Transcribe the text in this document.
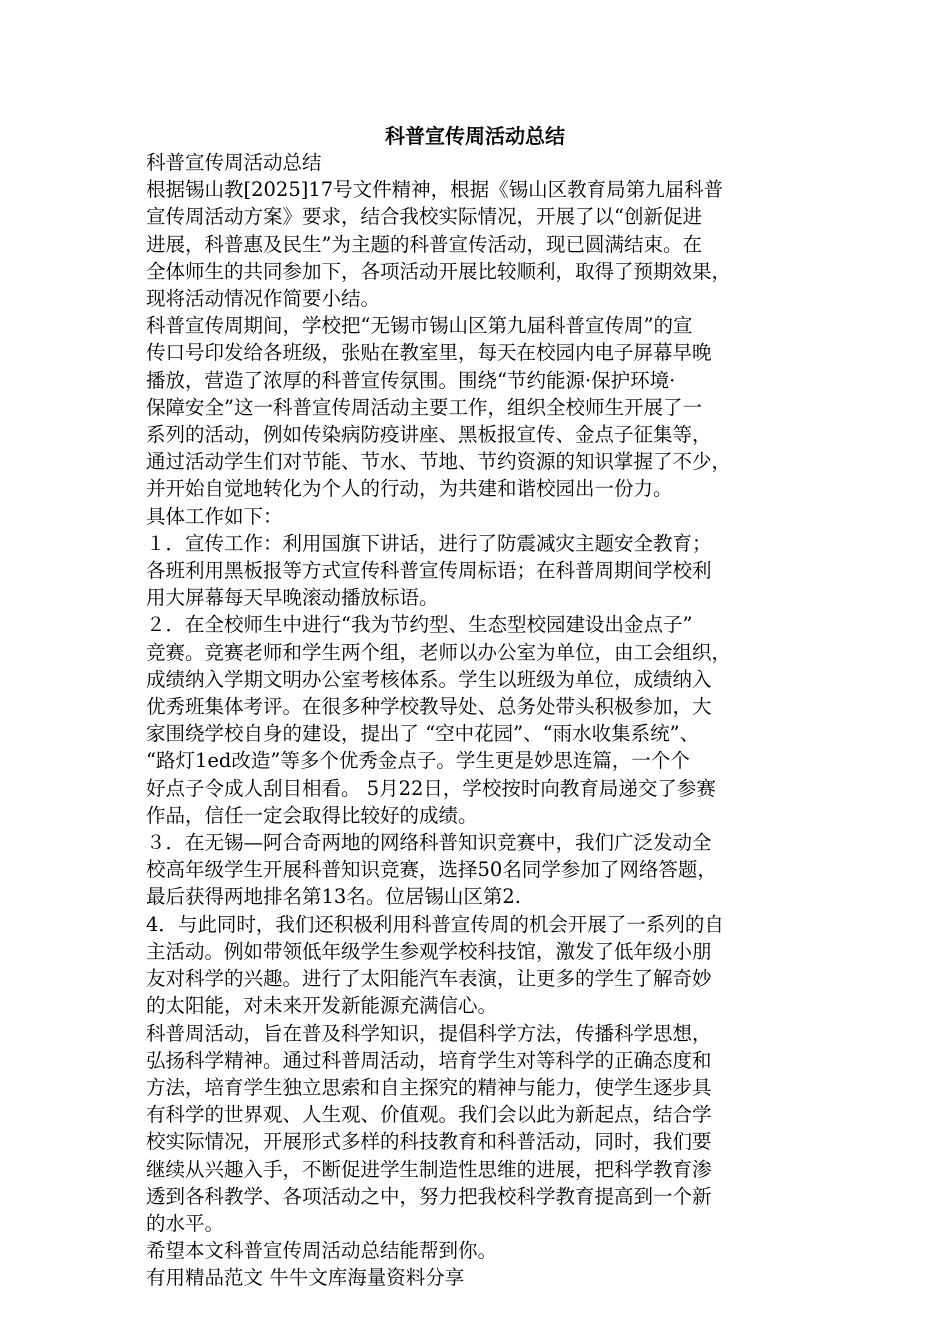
科普宣传周活动总结

科普宣传周活动总结

根据锡山教[2025]17号文件精神，根据《锡山区教育局第九届科普

宣传周活动方案》要求，结合我校实际情况，开展了以“创新促进

进展，科普惠及民生”为主题的科普宣传活动，现已圆满结束。在

全体师生的共同参加下，各项活动开展比较顺利，取得了预期效果，

现将活动情况作简要小结。

科普宣传周期间，学校把“无锡市锡山区第九届科普宣传周”的宣

传口号印发给各班级，张贴在教室里，每天在校园内电子屏幕早晚

播放，营造了浓厚的科普宣传氛围。围绕“节约能源·保护环境·

保障安全”这一科普宣传周活动主要工作，组织全校师生开展了一

系列的活动，例如传染病防疫讲座、黑板报宣传、金点子征集等，

通过活动学生们对节能、节水、节地、节约资源的知识掌握了不少，

并开始自觉地转化为个人的行动，为共建和谐校园出一份力。

具体工作如下：

１．宣传工作：利用国旗下讲话，进行了防震减灾主题安全教育；

各班利用黑板报等方式宣传科普宣传周标语；在科普周期间学校利

用大屏幕每天早晚滚动播放标语。

２．在全校师生中进行“我为节约型、生态型校园建设出金点子”

竞赛。竞赛老师和学生两个组，老师以办公室为单位，由工会组织，

成绩纳入学期文明办公室考核体系。学生以班级为单位，成绩纳入

优秀班集体考评。在很多种学校教导处、总务处带头积极参加，大

家围绕学校自身的建设，提出了 “空中花园”、“雨水收集系统”、

“路灯1ed改造”等多个优秀金点子。学生更是妙思连篇，一个个

好点子令成人刮目相看。 5月22日，学校按时向教育局递交了参赛

作品，信任一定会取得比较好的成绩。

３．在无锡—阿合奇两地的网络科普知识竞赛中，我们广泛发动全

校高年级学生开展科普知识竞赛，选择50名同学参加了网络答题，

最后获得两地排名第13名。位居锡山区第2.

4．与此同时，我们还积极利用科普宣传周的机会开展了一系列的自

主活动。例如带领低年级学生参观学校科技馆，激发了低年级小朋

友对科学的兴趣。进行了太阳能汽车表演，让更多的学生了解奇妙

的太阳能，对未来开发新能源充满信心。

科普周活动，旨在普及科学知识，提倡科学方法，传播科学思想，

弘扬科学精神。通过科普周活动，培育学生对等科学的正确态度和

方法，培育学生独立思索和自主探究的精神与能力，使学生逐步具

有科学的世界观、人生观、价值观。我们会以此为新起点，结合学

校实际情况，开展形式多样的科技教育和科普活动，同时，我们要

继续从兴趣入手，不断促进学生制造性思维的进展，把科学教育渗

透到各科教学、各项活动之中，努力把我校科学教育提高到一个新

的水平。

希望本文科普宣传周活动总结能帮到你。

有用精品范文 牛牛文库海量资料分享
